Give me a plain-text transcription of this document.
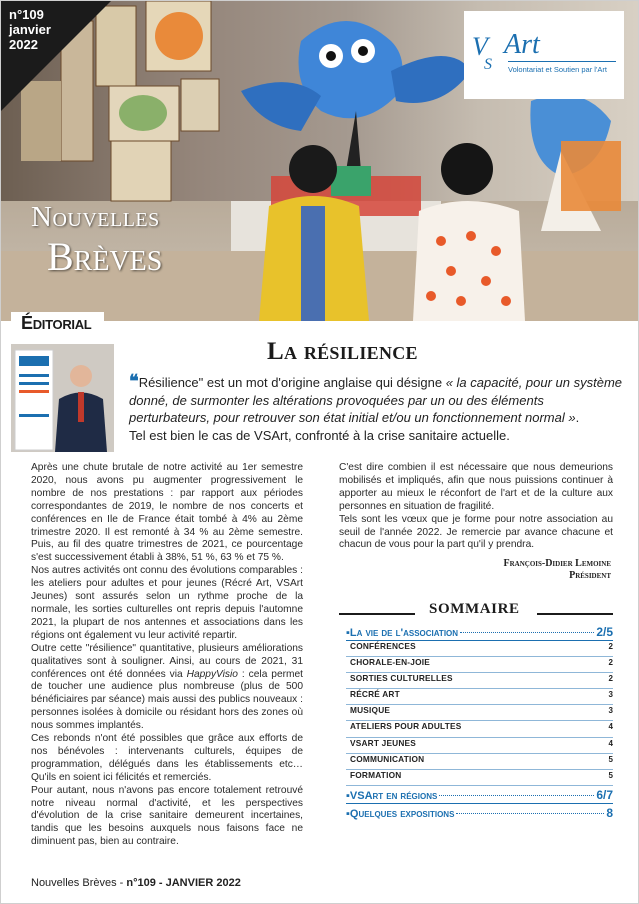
n°109
janvier
2022	V
S
Art
Volontariat et Soutien par l'Art
Nouvelles
Brèves
Éditorial
La résilience
❝Résilience" est un mot d'origine anglaise qui désigne « la capacité, pour un système donné, de surmonter les altérations provoquées par un ou des éléments perturbateurs, pour retrouver son état initial et/ou un fonctionnement normal ».
Tel est bien le cas de VSArt, confronté à la crise sanitaire actuelle.

Après une chute brutale de notre activité au 1er semestre 2020, nous avons pu augmenter progressivement le nombre de nos prestations : par rapport aux périodes correspondantes de 2019, le nombre de nos concerts et conférences en Ile de France était tombé à 4% au 2ème trimestre 2020. Il est remonté à 34 % au 2ème semestre. Puis, au fil des quatre trimestres de 2021, ce pourcentage s'est successivement établi à 38%, 51 %, 63 % et 75 %.

Nos autres activités ont connu des évolutions comparables : les ateliers pour adultes et pour jeunes (Récré Art, VSArt Jeunes) sont assurés selon un rythme proche de la normale, les sorties culturelles ont repris depuis l'automne 2021, la plupart de nos antennes et associations dans les régions ont également vu leur activité repartir.

Outre cette "résilience" quantitative, plusieurs améliorations qualitatives sont à souligner. Ainsi, au cours de 2021, 31 conférences ont été données via HappyVisio : cela permet de toucher une audience plus nombreuse (plus de 500 bénéficiaires par séance) mais aussi des publics nouveaux : personnes isolées à domicile ou résidant hors des zones où nous sommes implantés.

Ces rebonds n'ont été possibles que grâce aux efforts de nos bénévoles : intervenants culturels, équipes de programmation, délégués dans les établissements etc… Qu'ils en soient ici félicités et remerciés.

Pour autant, nous n'avons pas encore totalement retrouvé notre niveau normal d'activité, et les perspectives d'évolution de la crise sanitaire demeurent incertaines, tandis que les besoins auxquels nous faisons face ne diminuent pas, bien au contraire.

C'est dire combien il est nécessaire que nous demeurions mobilisés et impliqués, afin que nous puissions continuer à apporter au mieux le réconfort de l'art et de la culture aux personnes en situation de fragilité.

Tels sont les vœux que je forme pour notre association au seuil de l'année 2022. Je remercie par avance chacune et chacun de vous pour la part qu'il y prendra.

François-Didier Lemoine
Président
SOMMAIRE
▪ La vie de l'association	2/5
CONFÉRENCES	2
CHORALE-EN-JOIE	2
SORTIES CULTURELLES	2
RÉCRÉ ART	3
MUSIQUE	3
ATELIERS POUR ADULTES	4
VSART JEUNES	4
COMMUNICATION	5
FORMATION	5
▪ VSArt en régions	6/7
▪ Quelques expositions	8
Nouvelles Brèves - n°109 - JANVIER 2022
